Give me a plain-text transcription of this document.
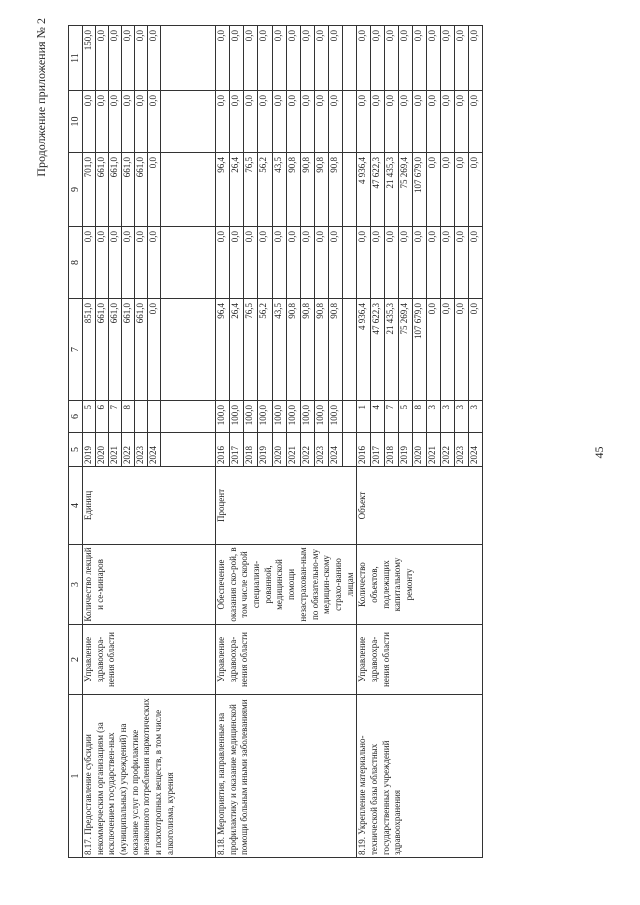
45
Продолжение приложения № 2
1	2	3	4	5	6	7	8	9	10	11
8.17. Предоставление субсидии некоммерческим организациям (за исключением государствен-ных (муниципальных) учреждений) на оказание услуг по профилактике незаконного потребления наркотических и психотропных веществ, в том числе алкоголизма, курения	Управление здравоохра-нения области	Количество лекций и се-минаров	Единиц	2019	5	851,0	0,0	701,0	0,0	150,0
				2020	6	661,0	0,0	661,0	0,0	0,0
				2021	7	661,0	0,0	661,0	0,0	0,0
				2022	8	661,0	0,0	661,0	0,0	0,0
				2023		661,0	0,0	661,0	0,0	0,0
				2024		0,0	0,0	0,0	0,0	0,0

8.18. Мероприятия, направленные на профилактику и оказание медицинской помощи больным иными заболеваниями	Управление здравоохра-нения области	Обеспечение оказания ско-рой, в том числе скорой специализи-рованной, медицинской помощи незастрахован-ным по обязательно-му медицин-скому страхо-ванию лицам	Процент	2016	100,0	96,4	0,0	96,4	0,0	0,0
				2017	100,0	26,4	0,0	26,4	0,0	0,0
				2018	100,0	76,5	0,0	76,5	0,0	0,0
				2019	100,0	56,2	0,0	56,2	0,0	0,0
				2020	100,0	43,5	0,0	43,5	0,0	0,0
				2021	100,0	90,8	0,0	90,8	0,0	0,0
				2022	100,0	90,8	0,0	90,8	0,0	0,0
				2023	100,0	90,8	0,0	90,8	0,0	0,0
				2024	100,0	90,8	0,0	90,8	0,0	0,0

8.19. Укрепление материально-технической базы областных государственных учреждений здравоохранения	Управление здравоохра-нения области	Количество объектов, подлежащих капитальному ремонту	Объект	2016	1	4 936,4	0,0	4 936,4	0,0	0,0
				2017	4	47 622,3	0,0	47 622,3	0,0	0,0
				2018	7	21 435,3	0,0	21 435,3	0,0	0,0
				2019	5	75 269,4	0,0	75 269,4	0,0	0,0
				2020	8	107 679,0	0,0	107 679,0	0,0	0,0
				2021	3	0,0	0,0	0,0	0,0	0,0
				2022	3	0,0	0,0	0,0	0,0	0,0
				2023	3	0,0	0,0	0,0	0,0	0,0
				2024	3	0,0	0,0	0,0	0,0	0,0
